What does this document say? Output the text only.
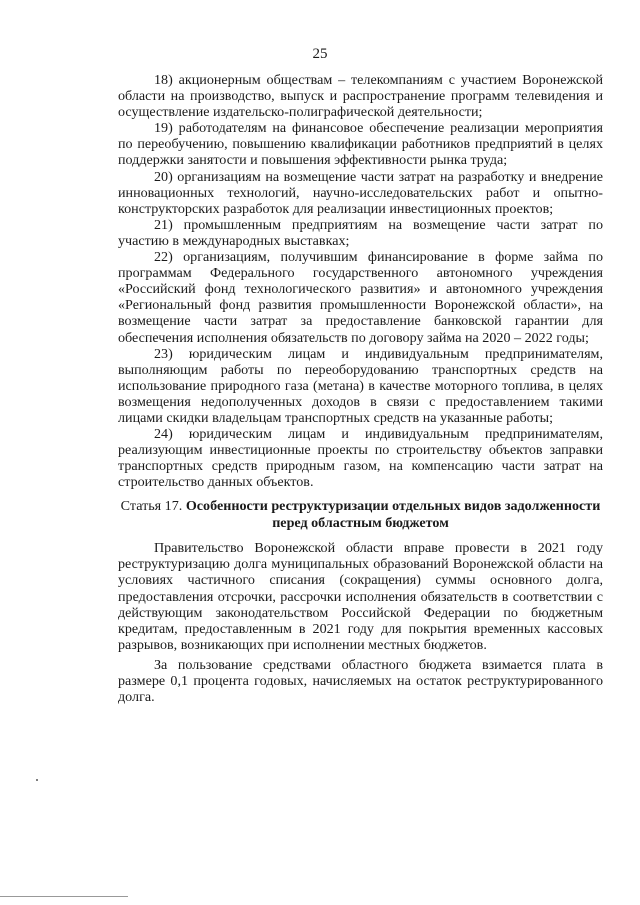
25

18) акционерным обществам – телекомпаниям с участием Воронежской области на производство, выпуск и распространение программ телевидения и осуществление издательско-полиграфической деятельности;

19) работодателям на финансовое обеспечение реализации мероприятия по переобучению, повышению квалификации работников предприятий в целях поддержки занятости и повышения эффективности рынка труда;

20) организациям на возмещение части затрат на разработку и внедрение инновационных технологий, научно-исследовательских работ и опытно-конструкторских разработок для реализации инвестиционных проектов;

21) промышленным предприятиям на возмещение части затрат по участию в международных выставках;

22) организациям, получившим финансирование в форме займа по программам Федерального государственного автономного учреждения «Российский фонд технологического развития» и автономного учреждения «Региональный фонд развития промышленности Воронежской области», на возмещение части затрат за предоставление банковской гарантии для обеспечения исполнения обязательств по договору займа на 2020 – 2022 годы;

23) юридическим лицам и индивидуальным предпринимателям, выполняющим работы по переоборудованию транспортных средств на использование природного газа (метана) в качестве моторного топлива, в целях возмещения недополученных доходов в связи с предоставлением такими лицами скидки владельцам транспортных средств на указанные работы;

24) юридическим лицам и индивидуальным предпринимателям, реализующим инвестиционные проекты по строительству объектов заправки транспортных средств природным газом, на компенсацию части затрат на строительство данных объектов.

Статья 17. Особенности реструктуризации отдельных видов задолженности перед областным бюджетом

Правительство Воронежской области вправе провести в 2021 году реструктуризацию долга муниципальных образований Воронежской области на условиях частичного списания (сокращения) суммы основного долга, предоставления отсрочки, рассрочки исполнения обязательств в соответствии с действующим законодательством Российской Федерации по бюджетным кредитам, предоставленным в 2021 году для покрытия временных кассовых разрывов, возникающих при исполнении местных бюджетов.

За пользование средствами областного бюджета взимается плата в размере 0,1 процента годовых, начисляемых на остаток реструктурированного долга.
